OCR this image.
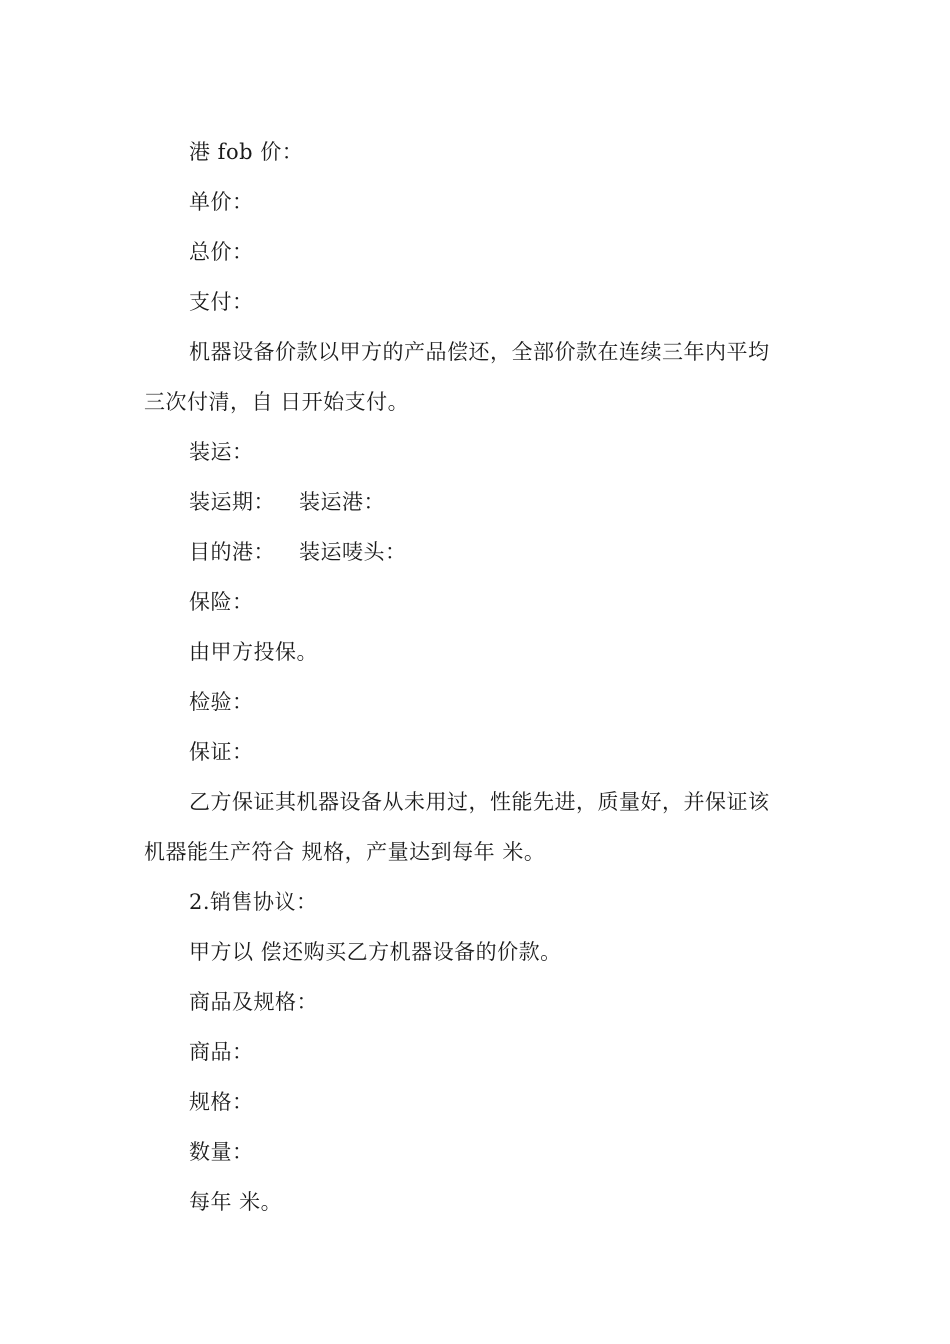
港 fob 价：

单价：

总价：

支付：

机器设备价款以甲方的产品偿还，全部价款在连续三年内平均

三次付清，自 日开始支付。

装运：

装运期： 装运港：

目的港： 装运唛头：

保险：

由甲方投保。

检验：

保证：

乙方保证其机器设备从未用过，性能先进，质量好，并保证该

机器能生产符合 规格，产量达到每年 米。

2.销售协议：

甲方以 偿还购买乙方机器设备的价款。

商品及规格：

商品：

规格：

数量：

每年 米。
